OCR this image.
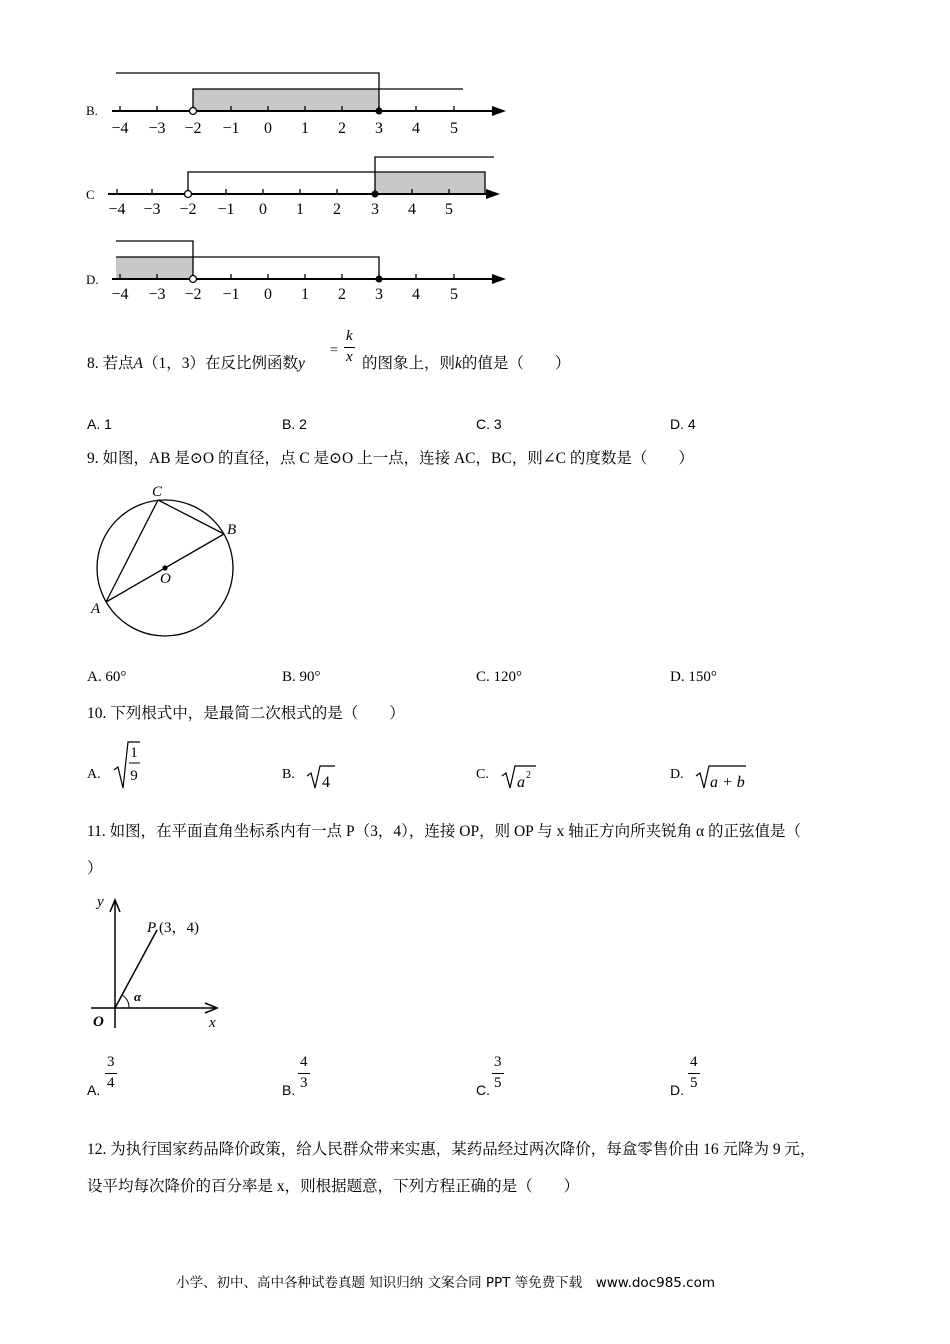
B.
−4 −3 −2 −1 0 1 2 3 4 5
C
−4 −3 −2 −1 0 1 2 3 4 5
D.
−4 −3 −2 −1 0 1 2 3 4 5
8. 若点A（1，3）在反比例函数y
=
k
x 的图象上，则k的值是（　　）
A. 1	B. 2	C. 3	D. 4
9. 如图，AB 是⊙O 的直径，点 C 是⊙O 上一点，连接 AC，BC，则∠C 的度数是（　　）
C
B
O
A
A. 60°	B. 90°	C. 120°	D. 150°
10. 下列根式中，是最简二次根式的是（　　）
A.
1
9	B. 4	C. a 2	D. a + b
11. 如图，在平面直角坐标系内有一点 P（3，4），连接 OP，则 OP 与 x 轴正方向所夹锐角 α 的正弦值是（
）
y
x
O
P (3，4)
α
A.
3
4	B.
4
3	C.
3
5	D.
4
5
12. 为执行国家药品降价政策，给人民群众带来实惠，某药品经过两次降价，每盒零售价由 16 元降为 9 元，
设平均每次降价的百分率是 x，则根据题意，下列方程正确的是（　　）
小学、初中、高中各种试卷真题 知识归纳 文案合同 PPT 等免费下载　www.doc985.com
